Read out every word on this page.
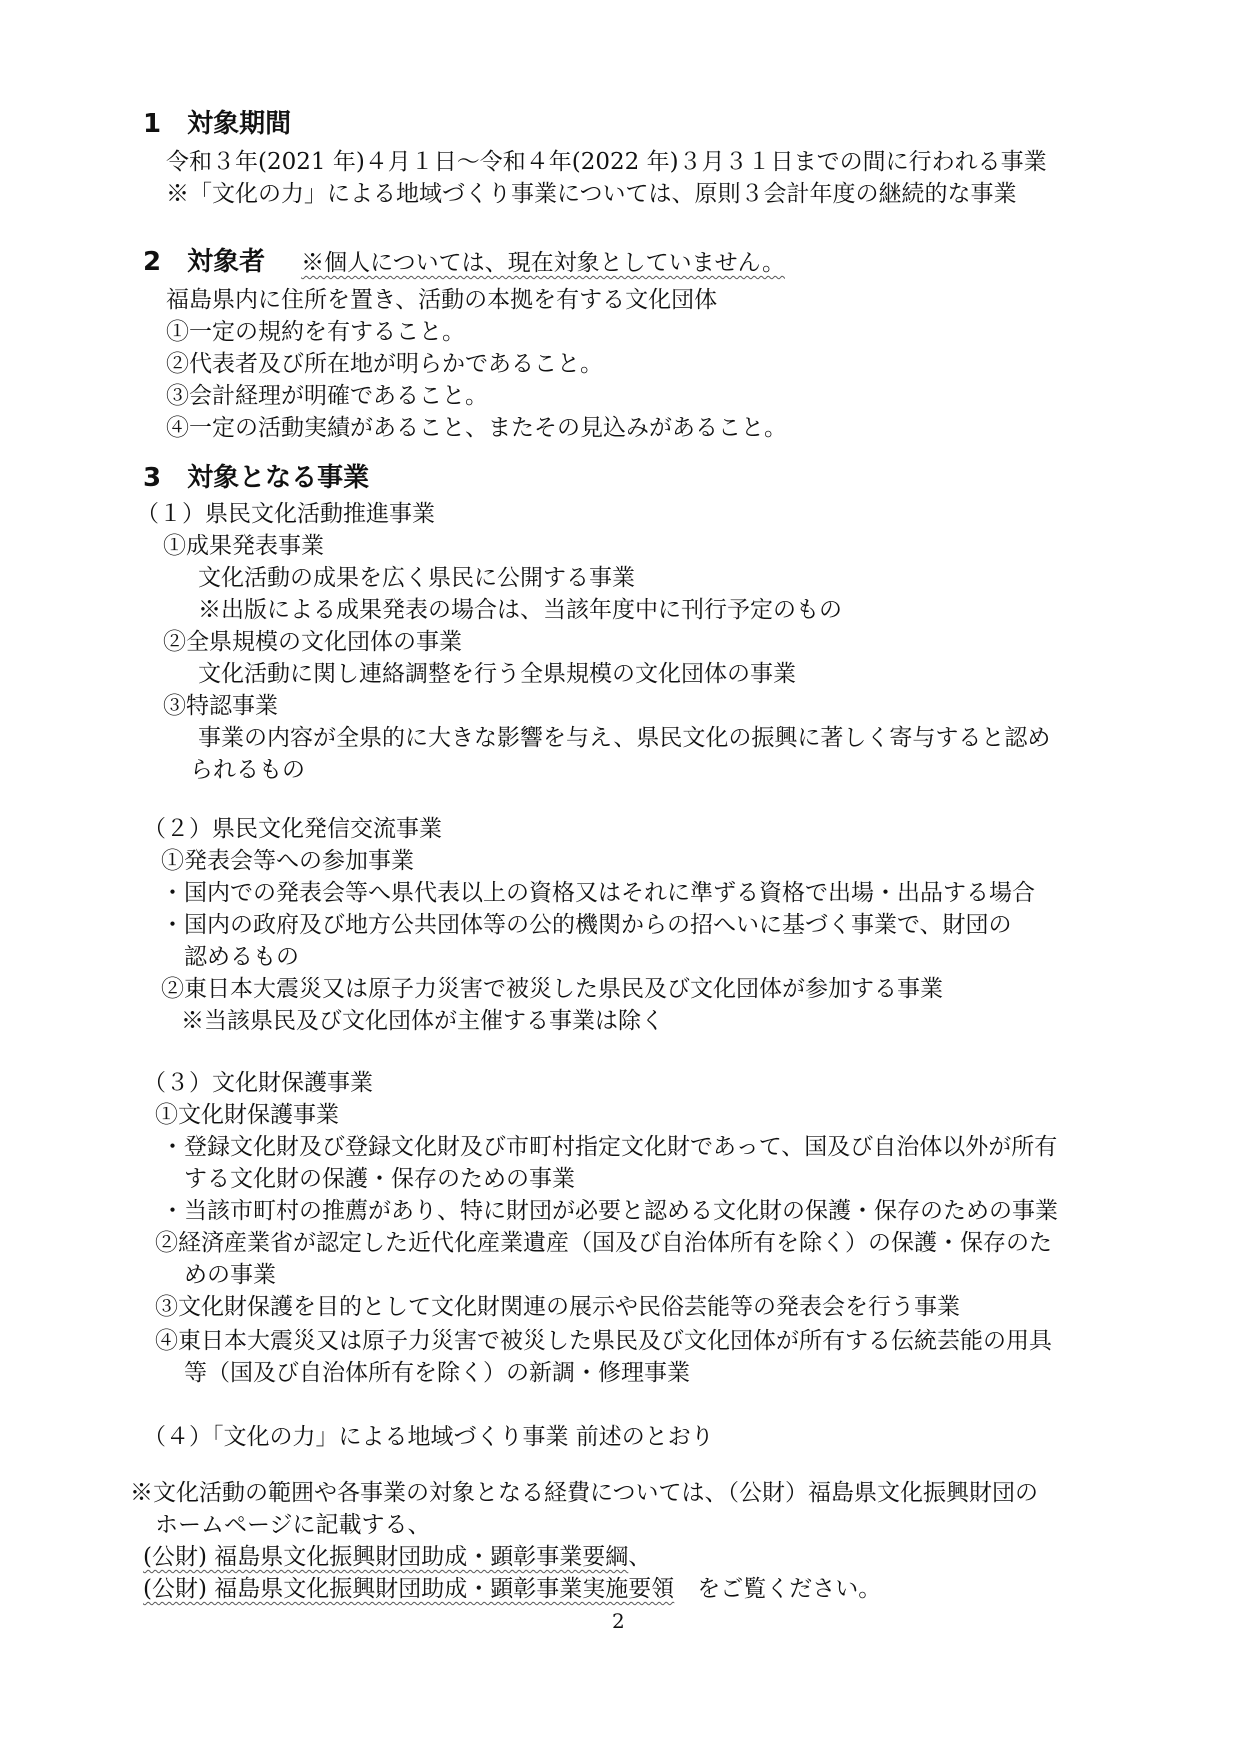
1　対象期間
令和３年(2021 年)４月１日～令和４年(2022 年)３月３１日までの間に行われる事業
※「文化の力」による地域づくり事業については、原則３会計年度の継続的な事業
2　対象者 ※個人については、現在対象としていません。
福島県内に住所を置き、活動の本拠を有する文化団体
①一定の規約を有すること。
②代表者及び所在地が明らかであること。
③会計経理が明確であること。
④一定の活動実績があること、またその見込みがあること。
3　対象となる事業
（１）県民文化活動推進事業
①成果発表事業
文化活動の成果を広く県民に公開する事業
※出版による成果発表の場合は、当該年度中に刊行予定のもの
②全県規模の文化団体の事業
文化活動に関し連絡調整を行う全県規模の文化団体の事業
③特認事業
事業の内容が全県的に大きな影響を与え、県民文化の振興に著しく寄与すると認め
られるもの
（２）県民文化発信交流事業
①発表会等への参加事業
・国内での発表会等へ県代表以上の資格又はそれに準ずる資格で出場・出品する場合
・国内の政府及び地方公共団体等の公的機関からの招へいに基づく事業で、財団の
認めるもの
②東日本大震災又は原子力災害で被災した県民及び文化団体が参加する事業
※当該県民及び文化団体が主催する事業は除く
（３）文化財保護事業
①文化財保護事業
・登録文化財及び登録文化財及び市町村指定文化財であって、国及び自治体以外が所有
する文化財の保護・保存のための事業
・当該市町村の推薦があり、特に財団が必要と認める文化財の保護・保存のための事業
②経済産業省が認定した近代化産業遺産（国及び自治体所有を除く）の保護・保存のた
めの事業
③文化財保護を目的として文化財関連の展示や民俗芸能等の発表会を行う事業
④東日本大震災又は原子力災害で被災した県民及び文化団体が所有する伝統芸能の用具
等（国及び自治体所有を除く）の新調・修理事業
（４）「文化の力」による地域づくり事業 前述のとおり
※文化活動の範囲や各事業の対象となる経費については、（公財）福島県文化振興財団の
ホームページに記載する、
(公財) 福島県文化振興財団助成・顕彰事業要綱、
(公財) 福島県文化振興財団助成・顕彰事業実施要領　をご覧ください。
2
